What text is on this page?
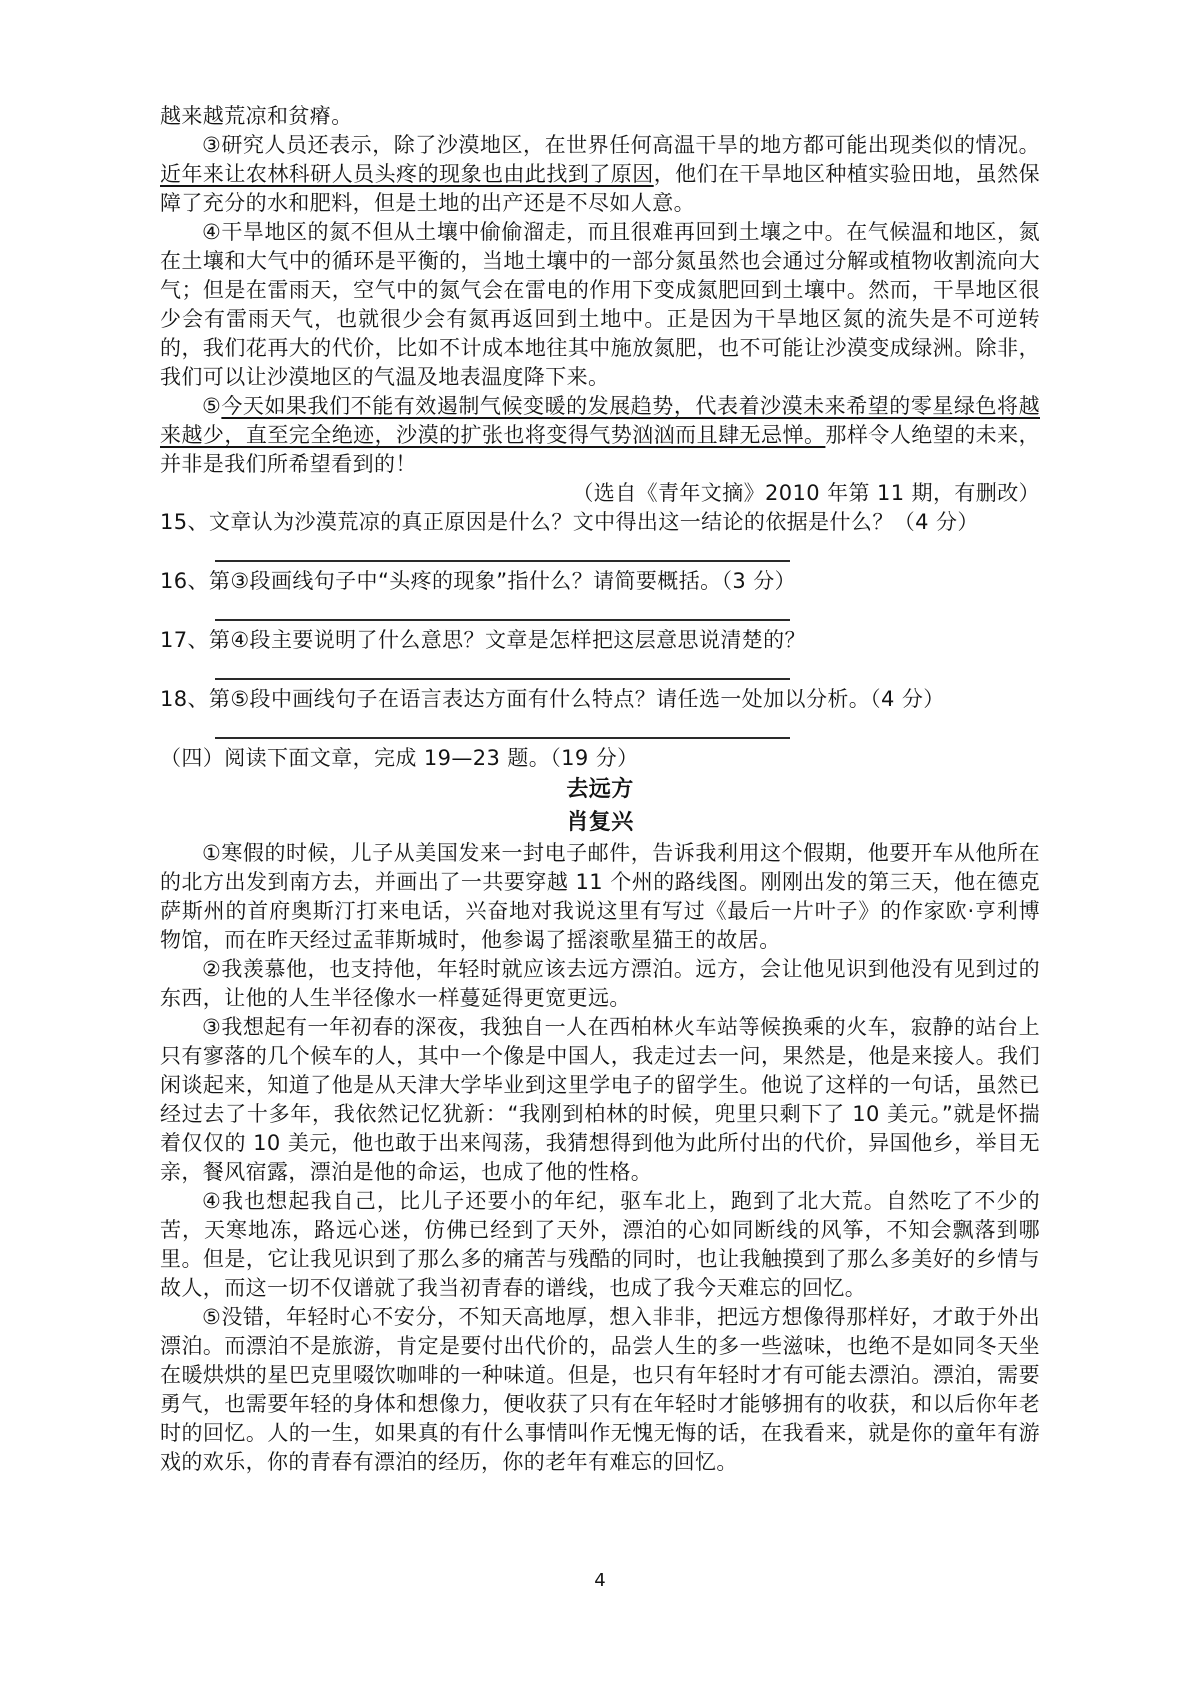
越来越荒凉和贫瘠。

③研究人员还表示，除了沙漠地区，在世界任何高温干旱的地方都可能出现类似的情况。近年来让农林科研人员头疼的现象也由此找到了原因，他们在干旱地区种植实验田地，虽然保障了充分的水和肥料，但是土地的出产还是不尽如人意。

④干旱地区的氮不但从土壤中偷偷溜走，而且很难再回到土壤之中。在气候温和地区，氮在土壤和大气中的循环是平衡的，当地土壤中的一部分氮虽然也会通过分解或植物收割流向大气；但是在雷雨天，空气中的氮气会在雷电的作用下变成氮肥回到土壤中。然而，干旱地区很少会有雷雨天气，也就很少会有氮再返回到土地中。正是因为干旱地区氮的流失是不可逆转的，我们花再大的代价，比如不计成本地往其中施放氮肥，也不可能让沙漠变成绿洲。除非，我们可以让沙漠地区的气温及地表温度降下来。

⑤今天如果我们不能有效遏制气候变暖的发展趋势，代表着沙漠未来希望的零星绿色将越来越少，直至完全绝迹，沙漠的扩张也将变得气势汹汹而且肆无忌惮。那样令人绝望的未来，并非是我们所希望看到的！

（选自《青年文摘》2010 年第 11 期，有删改）

15、文章认为沙漠荒凉的真正原因是什么？文中得出这一结论的依据是什么？（4 分）

16、第③段画线句子中“头疼的现象”指什么？请简要概括。（3 分）

17、第④段主要说明了什么意思？文章是怎样把这层意思说清楚的？

18、第⑤段中画线句子在语言表达方面有什么特点？请任选一处加以分析。（4 分）

（四）阅读下面文章，完成 19—23 题。（19 分）

去远方

肖复兴

①寒假的时候，儿子从美国发来一封电子邮件，告诉我利用这个假期，他要开车从他所在的北方出发到南方去，并画出了一共要穿越 11 个州的路线图。刚刚出发的第三天，他在德克萨斯州的首府奥斯汀打来电话，兴奋地对我说这里有写过《最后一片叶子》的作家欧·亨利博物馆，而在昨天经过孟菲斯城时，他参谒了摇滚歌星猫王的故居。

②我羡慕他，也支持他，年轻时就应该去远方漂泊。远方，会让他见识到他没有见到过的东西，让他的人生半径像水一样蔓延得更宽更远。

③我想起有一年初春的深夜，我独自一人在西柏林火车站等候换乘的火车，寂静的站台上只有寥落的几个候车的人，其中一个像是中国人，我走过去一问，果然是，他是来接人。我们闲谈起来，知道了他是从天津大学毕业到这里学电子的留学生。他说了这样的一句话，虽然已经过去了十多年，我依然记忆犹新：“我刚到柏林的时候，兜里只剩下了 10 美元。”就是怀揣着仅仅的 10 美元，他也敢于出来闯荡，我猜想得到他为此所付出的代价，异国他乡，举目无亲，餐风宿露，漂泊是他的命运，也成了他的性格。

④我也想起我自己，比儿子还要小的年纪，驱车北上，跑到了北大荒。自然吃了不少的苦，天寒地冻，路远心迷，仿佛已经到了天外，漂泊的心如同断线的风筝，不知会飘落到哪里。但是，它让我见识到了那么多的痛苦与残酷的同时，也让我触摸到了那么多美好的乡情与故人，而这一切不仅谱就了我当初青春的谱线，也成了我今天难忘的回忆。

⑤没错，年轻时心不安分，不知天高地厚，想入非非，把远方想像得那样好，才敢于外出漂泊。而漂泊不是旅游，肯定是要付出代价的，品尝人生的多一些滋味，也绝不是如同冬天坐在暖烘烘的星巴克里啜饮咖啡的一种味道。但是，也只有年轻时才有可能去漂泊。漂泊，需要勇气，也需要年轻的身体和想像力，便收获了只有在年轻时才能够拥有的收获，和以后你年老时的回忆。人的一生，如果真的有什么事情叫作无愧无悔的话，在我看来，就是你的童年有游戏的欢乐，你的青春有漂泊的经历，你的老年有难忘的回忆。

4
